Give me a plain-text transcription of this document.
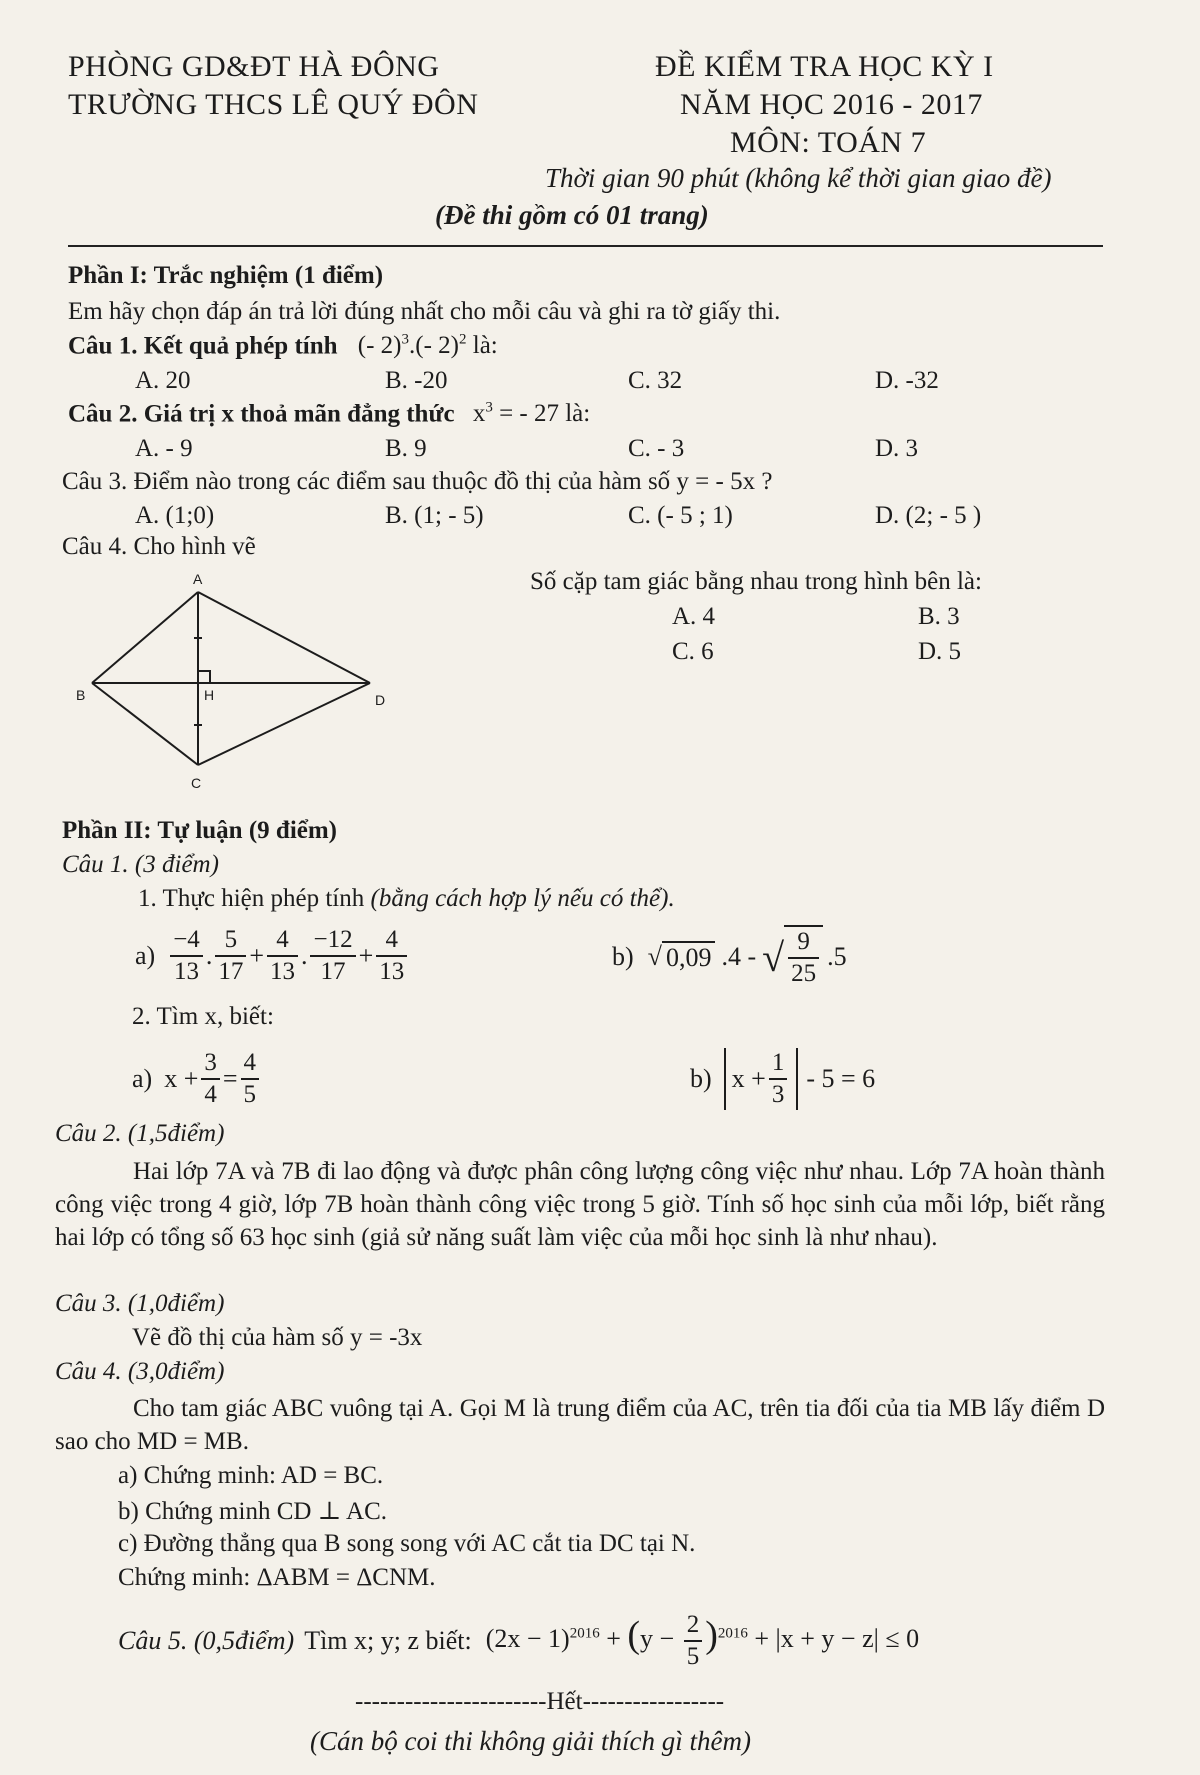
PHÒNG GD&ĐT HÀ ĐÔNG
TRƯỜNG THCS LÊ QUÝ ĐÔN
ĐỀ KIỂM TRA HỌC KỲ I
NĂM HỌC 2016 - 2017
MÔN: TOÁN 7
Thời gian 90 phút (không kể thời gian giao đề)
(Đề thi gồm có 01 trang)
Phần I: Trắc nghiệm (1 điểm)
Em hãy chọn đáp án trả lời đúng nhất cho mỗi câu và ghi ra tờ giấy thi.
Câu 1. Kết quả phép tính (- 2)$^3$.(- 2)$^2$ là:
A. 20	B. -20	C. 32	D. -32
Câu 2. Giá trị x thoả mãn đẳng thức $x^3$ = - 27 là:
A. - 9	B. 9	C. - 3	D. 3
Câu 3. Điểm nào trong các điểm sau thuộc đồ thị của hàm số y = - 5x ?
A. (1;0)	B. (1; - 5)	C. (- 5 ; 1)	D. (2; - 5 )
Câu 4. Cho hình vẽ
Số cặp tam giác bằng nhau trong hình bên là:
A. 4	B. 3
C. 6	D. 5
A
B	D
H
C
Phần II: Tự luận (9 điểm)
Câu 1. (3 điểm)
1. Thực hiện phép tính (bằng cách hợp lý nếu có thể).
$a) \frac{-4}{13}$ . $\frac{5}{17} + \frac{4}{13}$ . $\frac{-12}{17} + \frac{4}{13}$	b) √ 0,09 .4 - √ $\frac{9}{25} .5$
2. Tìm x, biết:
a) $x + \frac{3}{4} = \frac{4}{5}$	b) $x + \frac{1}{3} - 5 = 6$
Câu 2. (1,5điểm)
Hai lớp 7A và 7B đi lao động và được phân công lượng công việc như nhau. Lớp 7A hoàn thành công việc trong 4 giờ, lớp 7B hoàn thành công việc trong 5 giờ. Tính số học sinh của mỗi lớp, biết rằng hai lớp có tổng số 63 học sinh (giả sử năng suất làm việc của mỗi học sinh là như nhau).
Câu 3. (1,0điểm)
Vẽ đồ thị của hàm số y = -3x
Câu 4. (3,0điểm)
Cho tam giác ABC vuông tại A. Gọi M là trung điểm của AC, trên tia đối của tia MB lấy điểm D sao cho MD = MB.
a) Chứng minh: AD = BC.
b) Chứng minh CD ⊥ AC.
c) Đường thẳng qua B song song với AC cắt tia DC tại N.
Chứng minh: ΔABM = ΔCNM.
Câu 5. (0,5điểm) Tìm x; y; z biết: $(2x - 1)^{2016} + (y - \frac{2}{5} )^{2016} + |x + y - z| \le 0$
-----------------------Hết-----------------
(Cán bộ coi thi không giải thích gì thêm)
